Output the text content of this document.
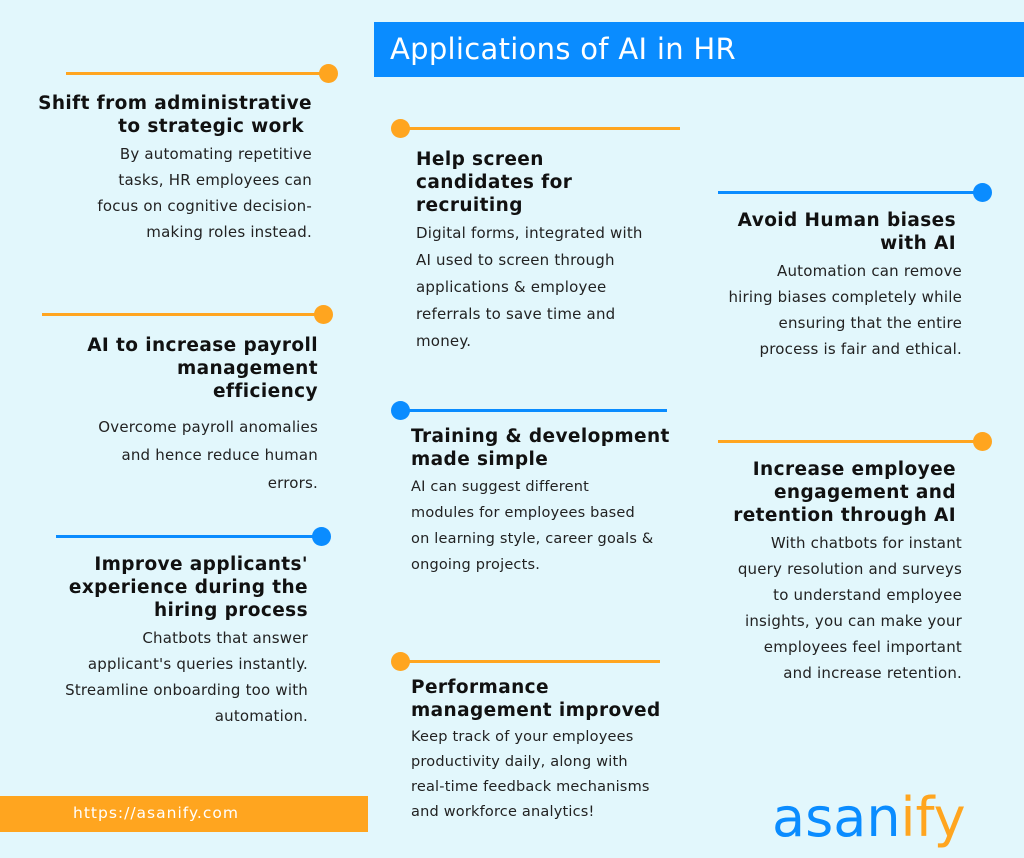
Applications of AI in HR
Shift from administrative
to strategic work

By automating repetitive
tasks, HR employees can
focus on cognitive decision-
making roles instead.

AI to increase payroll
management
efficiency

Overcome payroll anomalies
and hence reduce human
errors.

Improve applicants'
experience during the
hiring process

Chatbots that answer
applicant's queries instantly.
Streamline onboarding too with
automation.

Help screen
candidates for
recruiting

Digital forms, integrated with
AI used to screen through
applications & employee
referrals to save time and
money.

Training & development
made simple

AI can suggest different
modules for employees based
on learning style, career goals &
ongoing projects.

Performance
management improved

Keep track of your employees
productivity daily, along with
real-time feedback mechanisms
and workforce analytics!

Avoid Human biases
with AI

Automation can remove
hiring biases completely while
ensuring that the entire
process is fair and ethical.

Increase employee
engagement and
retention through AI

With chatbots for instant
query resolution and surveys
to understand employee
insights, you can make your
employees feel important
and increase retention.

https://asanify.com	asanify
